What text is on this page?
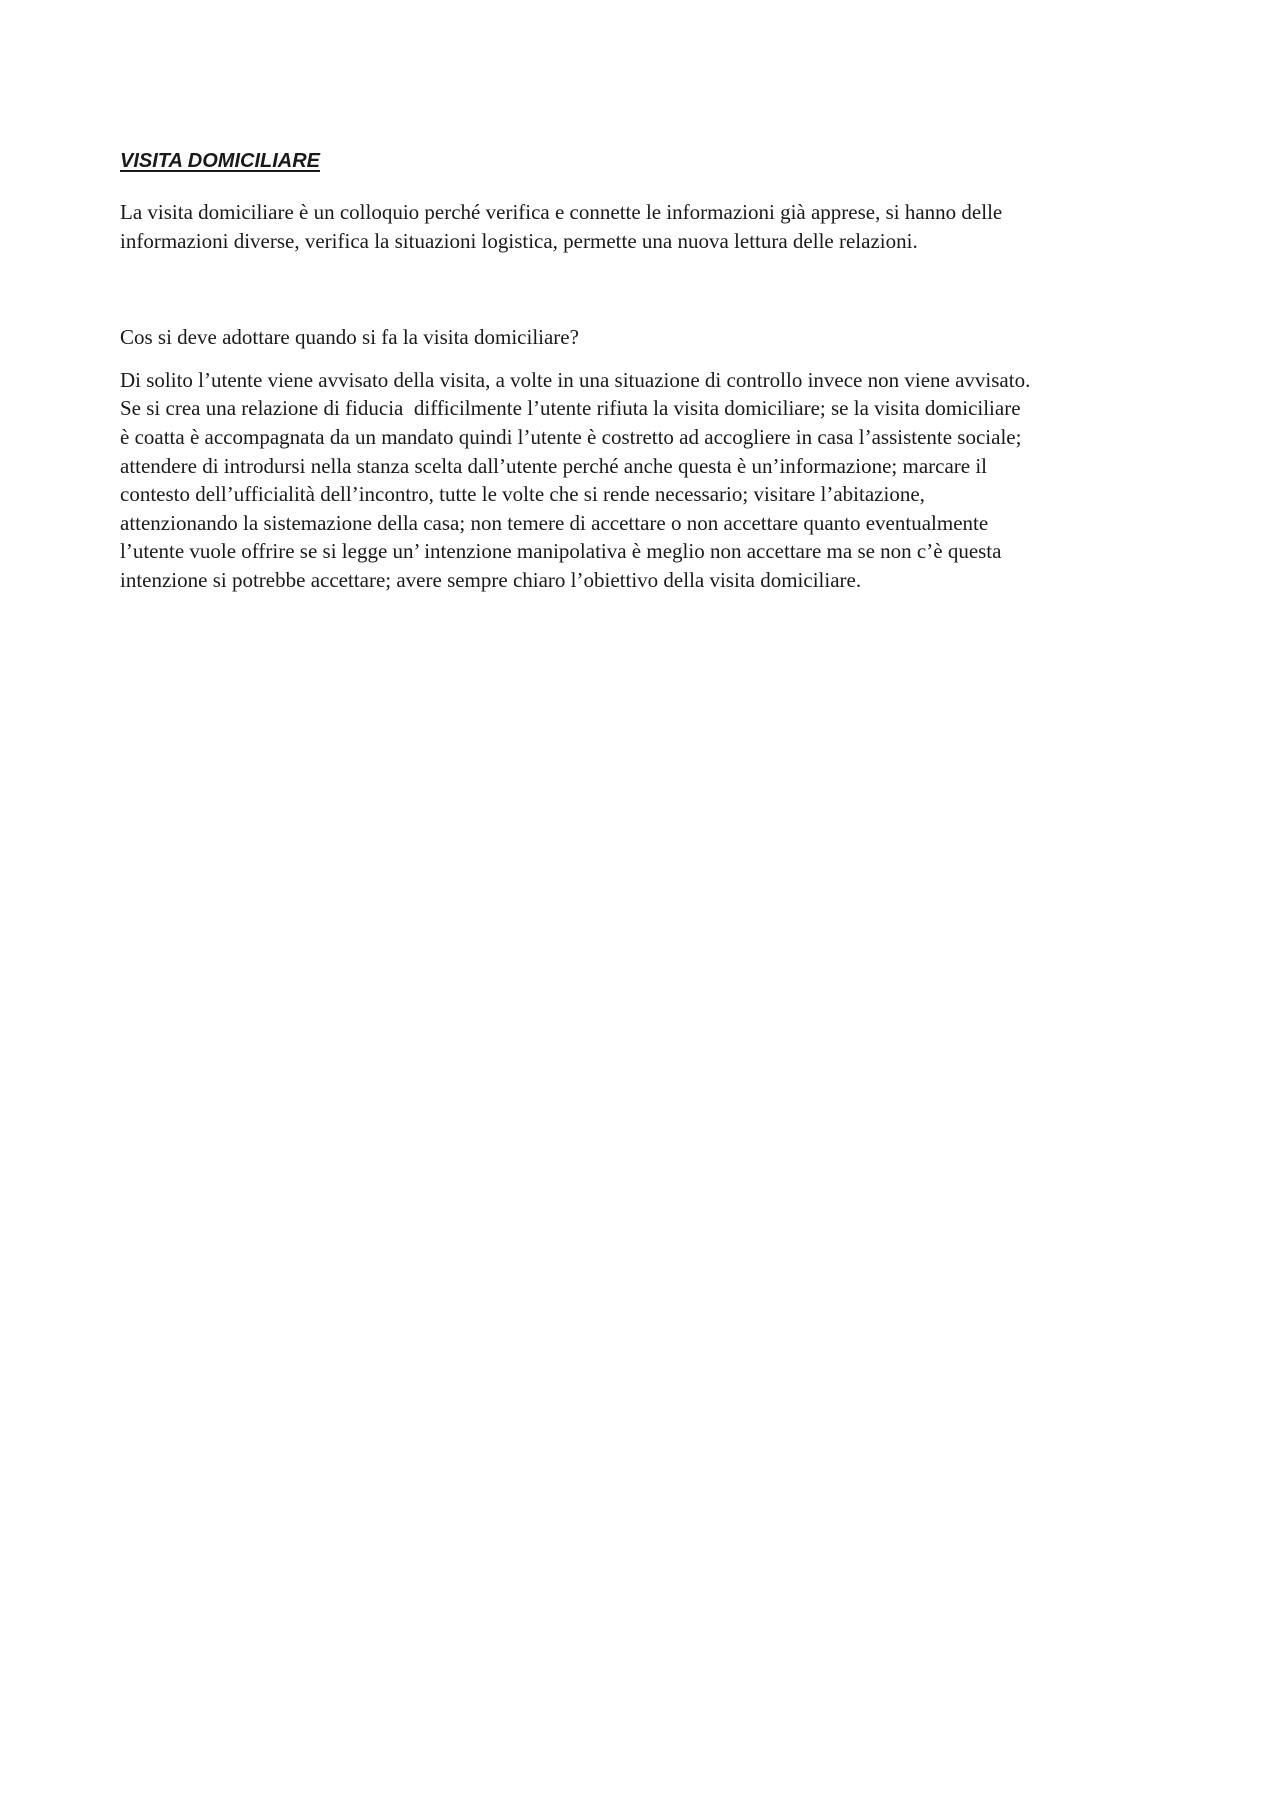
VISITA DOMICILIARE

La visita domiciliare è un colloquio perché verifica e connette le informazioni già apprese, si hanno delle
informazioni diverse, verifica la situazioni logistica, permette una nuova lettura delle relazioni.

Cos si deve adottare quando si fa la visita domiciliare?

Di solito l’utente viene avvisato della visita, a volte in una situazione di controllo invece non viene avvisato.
Se si crea una relazione di fiducia  difficilmente l’utente rifiuta la visita domiciliare; se la visita domiciliare
è coatta è accompagnata da un mandato quindi l’utente è costretto ad accogliere in casa l’assistente sociale;
attendere di introdursi nella stanza scelta dall’utente perché anche questa è un’informazione; marcare il
contesto dell’ufficialità dell’incontro, tutte le volte che si rende necessario; visitare l’abitazione,
attenzionando la sistemazione della casa; non temere di accettare o non accettare quanto eventualmente
l’utente vuole offrire se si legge un’ intenzione manipolativa è meglio non accettare ma se non c’è questa
intenzione si potrebbe accettare; avere sempre chiaro l’obiettivo della visita domiciliare.
